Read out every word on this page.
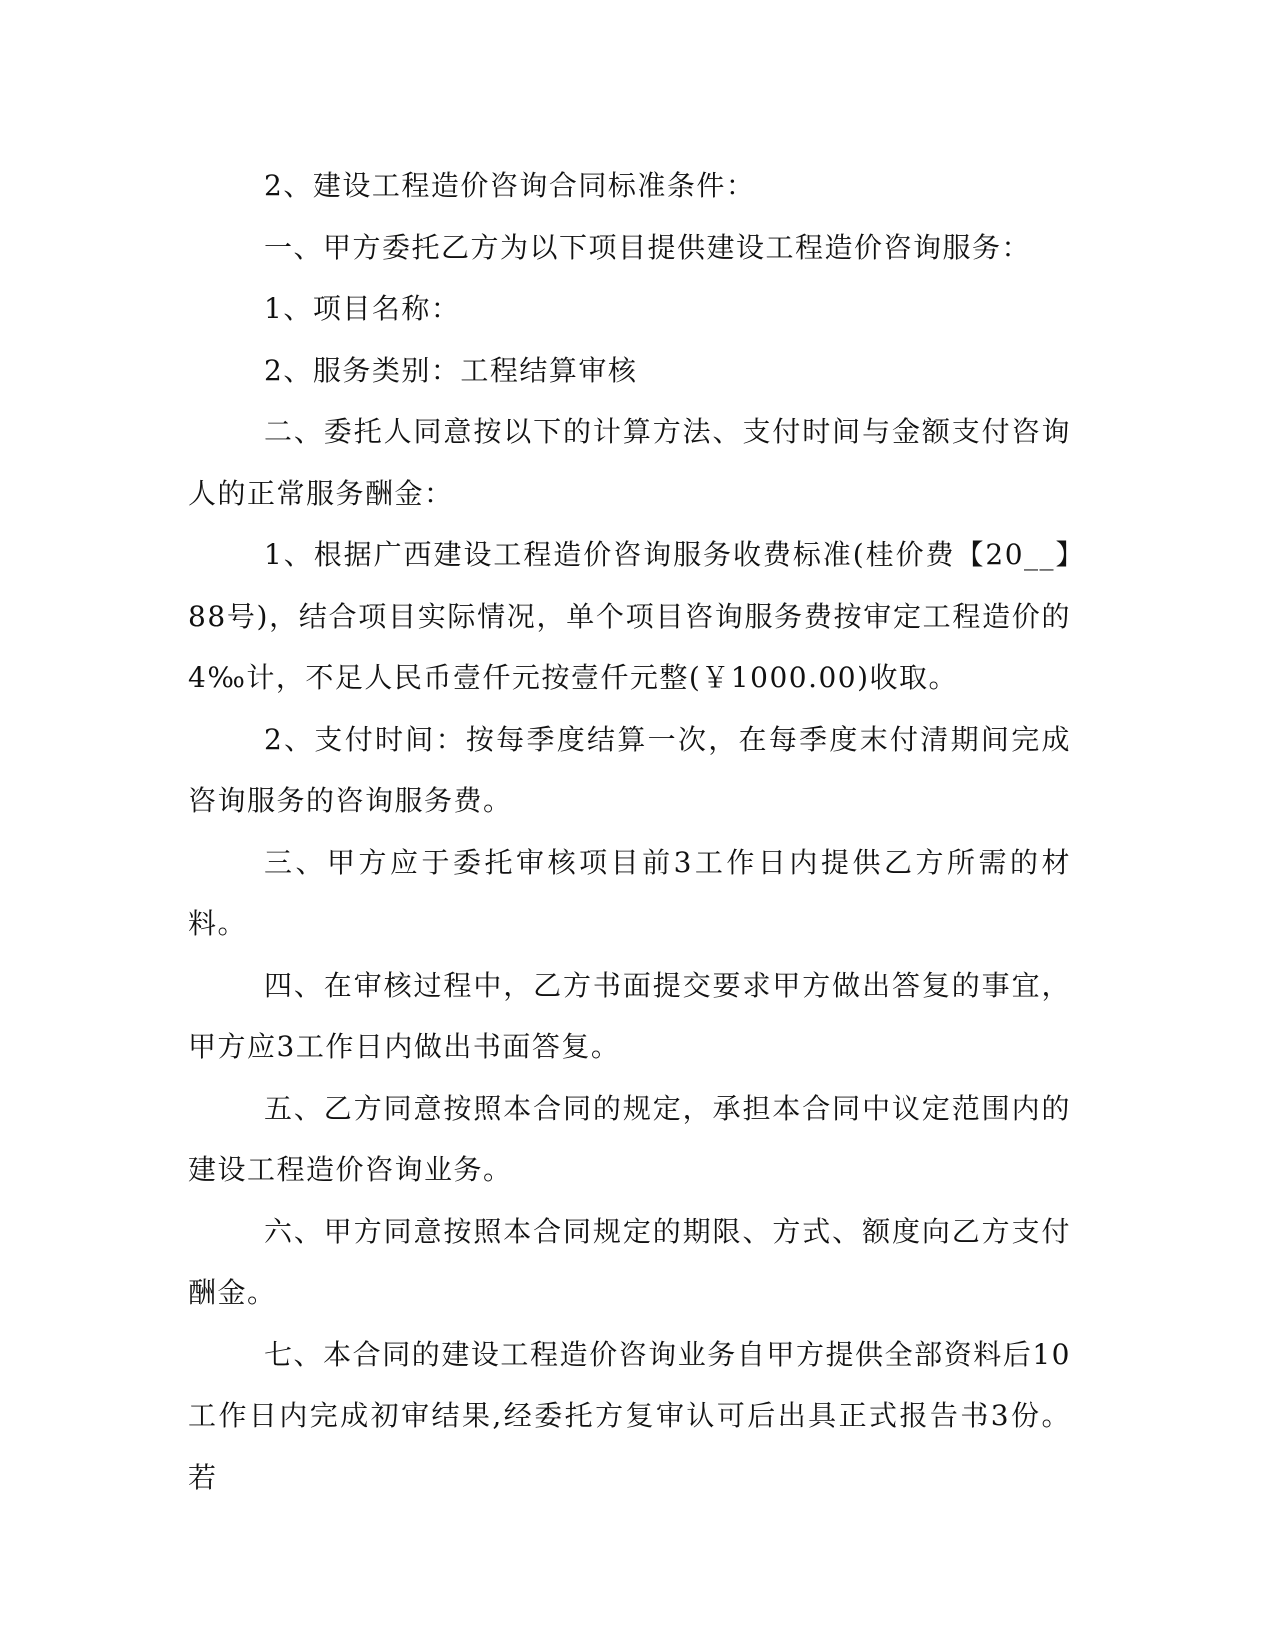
2、建设工程造价咨询合同标准条件：

一、甲方委托乙方为以下项目提供建设工程造价咨询服务：

1、项目名称：

2、服务类别：工程结算审核

二、委托人同意按以下的计算方法、支付时间与金额支付咨询人的正常服务酬金：

1、根据广西建设工程造价咨询服务收费标准(桂价费【20__】88号)，结合项目实际情况，单个项目咨询服务费按审定工程造价的4‰计，不足人民币壹仟元按壹仟元整(￥1000.00)收取。

2、支付时间：按每季度结算一次，在每季度末付清期间完成咨询服务的咨询服务费。

三、甲方应于委托审核项目前3工作日内提供乙方所需的材料。

四、在审核过程中，乙方书面提交要求甲方做出答复的事宜，甲方应3工作日内做出书面答复。

五、乙方同意按照本合同的规定，承担本合同中议定范围内的建设工程造价咨询业务。

六、甲方同意按照本合同规定的期限、方式、额度向乙方支付酬金。

七、本合同的建设工程造价咨询业务自甲方提供全部资料后10工作日内完成初审结果,经委托方复审认可后出具正式报告书3份。若
